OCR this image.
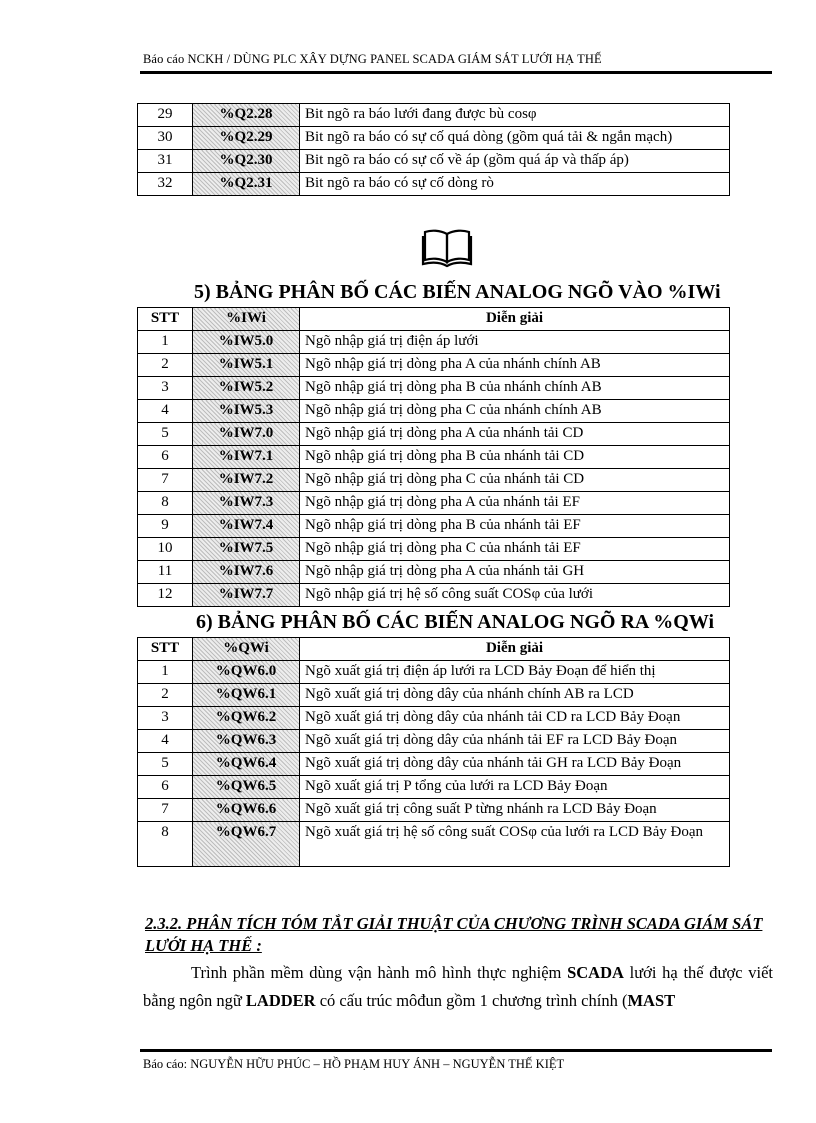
Báo cáo NCKH / DÙNG PLC XÂY DỰNG PANEL SCADA GIÁM SÁT LƯỚI HẠ THẾ
29	%Q2.28	Bit ngõ ra báo lưới đang được bù cosφ
30	%Q2.29	Bit ngõ ra báo có sự cố quá dòng (gồm quá tải & ngắn mạch)
31	%Q2.30	Bit ngõ ra báo có sự cố về áp (gồm quá áp và thấp áp)
32	%Q2.31	Bit ngõ ra báo có sự cố dòng rò
5) BẢNG PHÂN BỐ CÁC BIẾN ANALOG NGÕ VÀO %IWi
STT	%IWi	Diễn giải
1	%IW5.0	Ngõ nhập giá trị điện áp lưới
2	%IW5.1	Ngõ nhập giá trị dòng pha A của nhánh chính AB
3	%IW5.2	Ngõ nhập giá trị dòng pha B của nhánh chính AB
4	%IW5.3	Ngõ nhập giá trị dòng pha C của nhánh chính AB
5	%IW7.0	Ngõ nhập giá trị dòng pha A của nhánh tải CD
6	%IW7.1	Ngõ nhập giá trị dòng pha B của nhánh tải CD
7	%IW7.2	Ngõ nhập giá trị dòng pha C của nhánh tải CD
8	%IW7.3	Ngõ nhập giá trị dòng pha A của nhánh tải EF
9	%IW7.4	Ngõ nhập giá trị dòng pha B của nhánh tải EF
10	%IW7.5	Ngõ nhập giá trị dòng pha C của nhánh tải EF
11	%IW7.6	Ngõ nhập giá trị dòng pha A của nhánh tải GH
12	%IW7.7	Ngõ nhập giá trị hệ số công suất COSφ của lưới
6) BẢNG PHÂN BỐ CÁC BIẾN ANALOG NGÕ RA %QWi
STT	%QWi	Diễn giải
1	%QW6.0	Ngõ xuất giá trị điện áp lưới ra LCD Bảy Đoạn để hiển thị
2	%QW6.1	Ngõ xuất giá trị dòng dây của nhánh chính AB ra LCD
3	%QW6.2	Ngõ xuất giá trị dòng dây của nhánh tải CD ra LCD Bảy Đoạn
4	%QW6.3	Ngõ xuất giá trị dòng dây của nhánh tải EF ra LCD Bảy Đoạn
5	%QW6.4	Ngõ xuất giá trị dòng dây của nhánh tải GH ra LCD Bảy Đoạn
6	%QW6.5	Ngõ xuất giá trị P tổng của lưới ra LCD Bảy Đoạn
7	%QW6.6	Ngõ xuất giá trị công suất P từng nhánh ra LCD Bảy Đoạn
8	%QW6.7	Ngõ xuất giá trị hệ số công suất COSφ của lưới ra LCD Bảy Đoạn
2.3.2. PHÂN TÍCH TÓM TẮT GIẢI THUẬT CỦA CHƯƠNG TRÌNH SCADA GIÁM SÁT LƯỚI HẠ THẾ :
Trình phần mềm dùng vận hành mô hình thực nghiệm SCADA lưới hạ thế được viết bằng ngôn ngữ LADDER có cấu trúc môđun gồm 1 chương trình chính (MAST
Báo cáo: NGUYỄN HỮU PHÚC – HỒ PHẠM HUY ÁNH – NGUYỄN THẾ KIỆT
